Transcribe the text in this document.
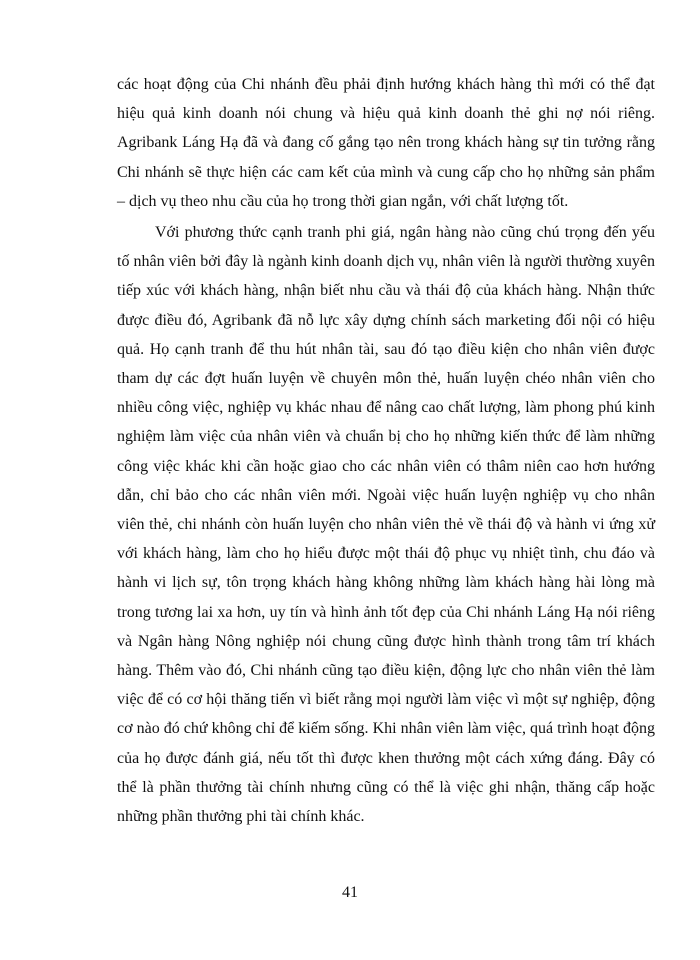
các hoạt động của Chi nhánh đều phải định hướng khách hàng thì mới có thể đạt hiệu quả kinh doanh nói chung và hiệu quả kinh doanh thẻ ghi nợ nói riêng. Agribank Láng Hạ đã và đang cố gắng tạo nên trong khách hàng sự tin tưởng rằng Chi nhánh sẽ thực hiện các cam kết của mình và cung cấp cho họ những sản phẩm – dịch vụ theo nhu cầu của họ trong thời gian ngắn, với chất lượng tốt.

Với phương thức cạnh tranh phi giá, ngân hàng nào cũng chú trọng đến yếu tố nhân viên bởi đây là ngành kinh doanh dịch vụ, nhân viên là người thường xuyên tiếp xúc với khách hàng, nhận biết nhu cầu và thái độ của khách hàng. Nhận thức được điều đó, Agribank đã nỗ lực xây dựng chính sách marketing đối nội có hiệu quả. Họ cạnh tranh để thu hút nhân tài, sau đó tạo điều kiện cho nhân viên được tham dự các đợt huấn luyện về chuyên môn thẻ, huấn luyện chéo nhân viên cho nhiều công việc, nghiệp vụ khác nhau để nâng cao chất lượng, làm phong phú kinh nghiệm làm việc của nhân viên và chuẩn bị cho họ những kiến thức để làm những công việc khác khi cần hoặc giao cho các nhân viên có thâm niên cao hơn hướng dẫn, chỉ bảo cho các nhân viên mới. Ngoài việc huấn luyện nghiệp vụ cho nhân viên thẻ, chi nhánh còn huấn luyện cho nhân viên thẻ về thái độ và hành vi ứng xử với khách hàng, làm cho họ hiểu được một thái độ phục vụ nhiệt tình, chu đáo và hành vi lịch sự, tôn trọng khách hàng không những làm khách hàng hài lòng mà trong tương lai xa hơn, uy tín và hình ảnh tốt đẹp của Chi nhánh Láng Hạ nói riêng và Ngân hàng Nông nghiệp nói chung cũng được hình thành trong tâm trí khách hàng. Thêm vào đó, Chi nhánh cũng tạo điều kiện, động lực cho nhân viên thẻ làm việc để có cơ hội thăng tiến vì biết rằng mọi người làm việc vì một sự nghiệp, động cơ nào đó chứ không chỉ để kiếm sống. Khi nhân viên làm việc, quá trình hoạt động của họ được đánh giá, nếu tốt thì được khen thưởng một cách xứng đáng. Đây có thể là phần thưởng tài chính nhưng cũng có thể là việc ghi nhận, thăng cấp hoặc những phần thưởng phi tài chính khác.

41
